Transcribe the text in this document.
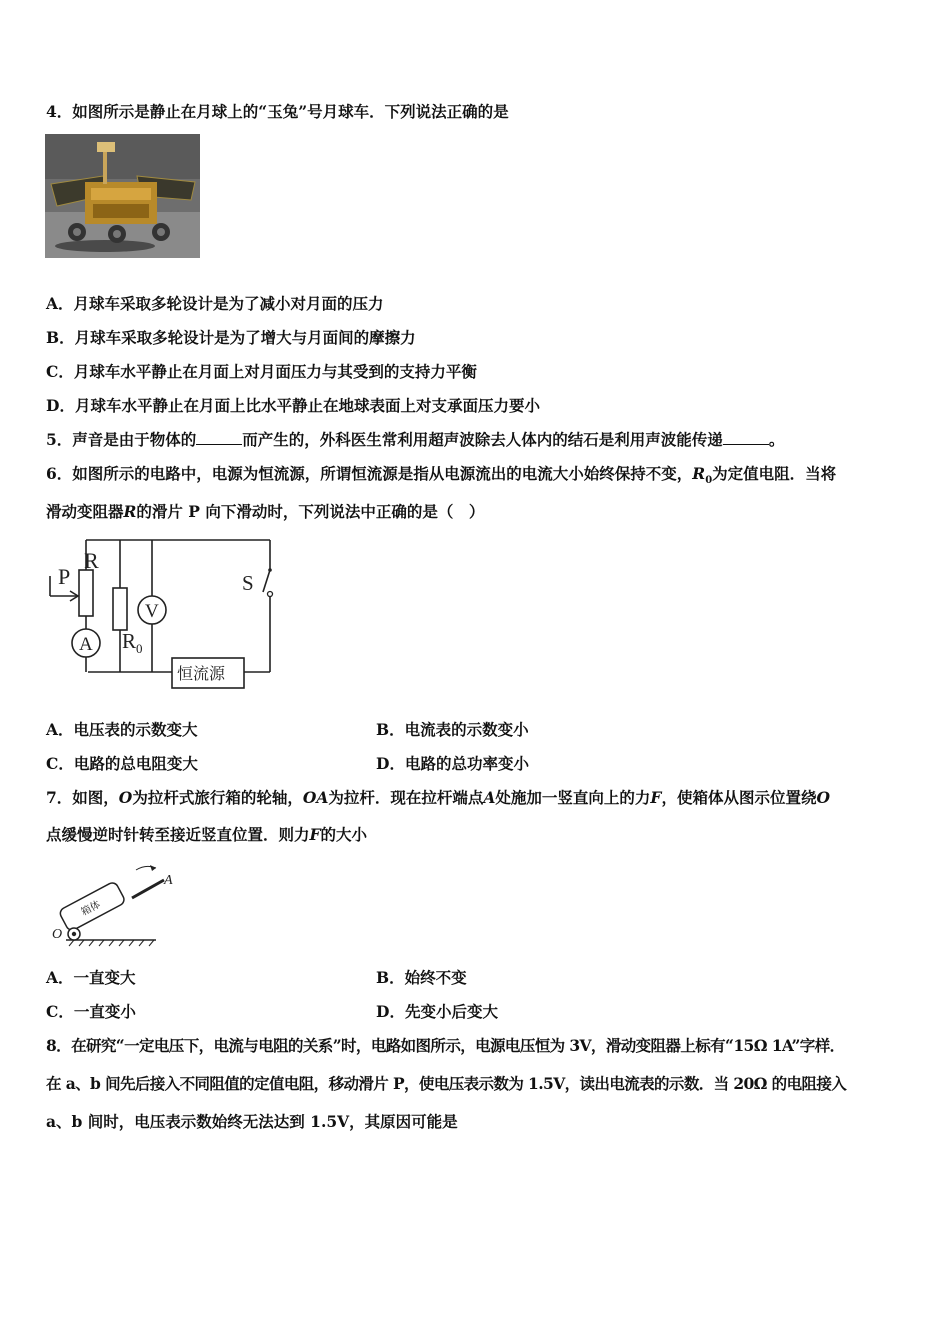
4．如图所示是静止在月球上的“玉兔”号月球车．下列说法正确的是
A．月球车采取多轮设计是为了减小对月面的压力
B．月球车采取多轮设计是为了增大与月面间的摩擦力
C．月球车水平静止在月面上对月面压力与其受到的支持力平衡
D．月球车水平静止在月面上比水平静止在地球表面上对支承面压力要小
5．声音是由于物体的	而产生的，外科医生常利用超声波除去人体内的结石是利用声波能传递	。
6．如图所示的电路中，电源为恒流源，所谓恒流源是指从电源流出的电流大小始终保持不变，$R_0$为定值电阻．当将
滑动变阻器R的滑片 P 向下滑动时，下列说法中正确的是（　）
P
R
A
V
R 0
S
恒流源
A．电压表的示数变大	B．电流表的示数变小
C．电路的总电阻变大	D．电路的总功率变小
7．如图，O为拉杆式旅行箱的轮轴，OA为拉杆．现在拉杆端点A处施加一竖直向上的力F，使箱体从图示位置绕O
点缓慢逆时针转至接近竖直位置．则力F的大小
箱体
A
O
A．一直变大	B．始终不变
C．一直变小	D．先变小后变大
8．在研究“一定电压下，电流与电阻的关系”时，电路如图所示，电源电压恒为 3V，滑动变阻器上标有“15Ω 1A”字样．
在 a、b 间先后接入不同阻值的定值电阻，移动滑片 P，使电压表示数为 1.5V，读出电流表的示数．当 20Ω 的电阻接入
a、b 间时，电压表示数始终无法达到 1.5V，其原因可能是
